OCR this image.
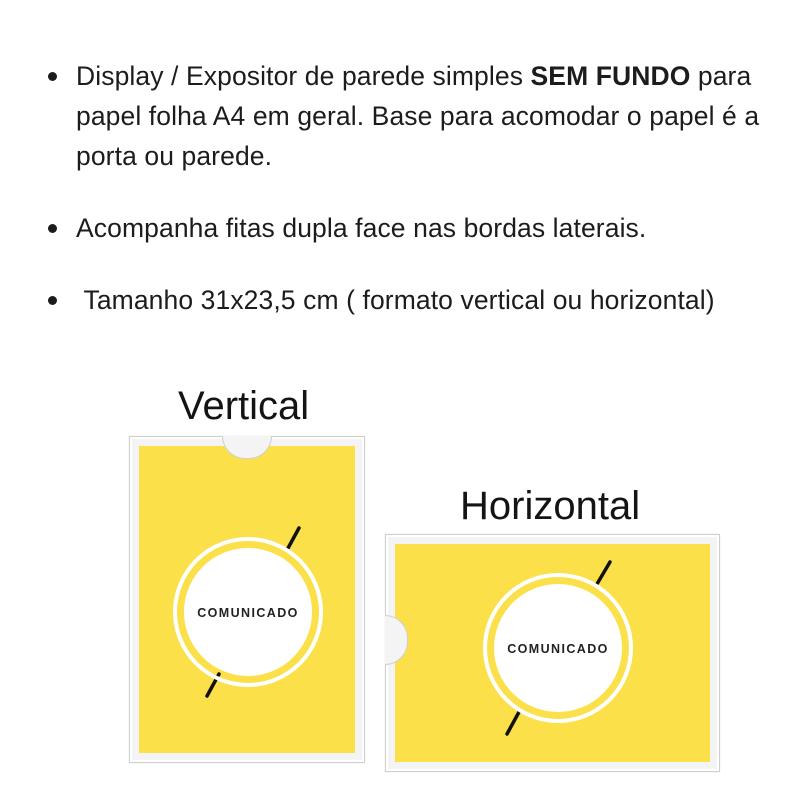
Display / Expositor de parede simples SEM FUNDO para papel folha A4 em geral. Base para acomodar o papel é a porta ou parede.
Acompanha fitas dupla face nas bordas laterais.
Tamanho 31x23,5 cm ( formato vertical ou horizontal)
Vertical
Horizontal
COMUNICADO
COMUNICADO
